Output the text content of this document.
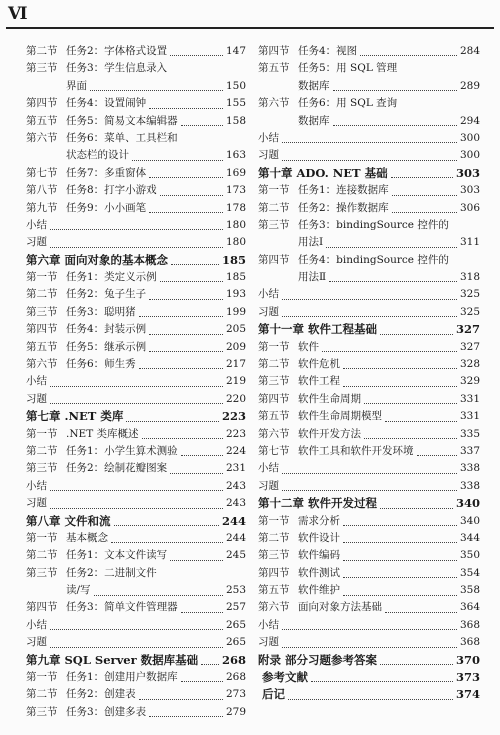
Ⅵ
第二节 任务2：字体格式设置	147
第三节 任务3：学生信息录入
界面	150
第四节 任务4：设置闹钟	155
第五节 任务5：简易文本编辑器	158
第六节 任务6：菜单、工具栏和
状态栏的设计	163
第七节 任务7：多重窗体	169
第八节 任务8：打字小游戏	173
第九节 任务9：小小画笔	178
小结	180
习题	180
第六章 面向对象的基本概念	185
第一节 任务1：类定义示例	185
第二节 任务2：兔子生子	193
第三节 任务3：聪明猪	199
第四节 任务4：封装示例	205
第五节 任务5：继承示例	209
第六节 任务6：师生秀	217
小结	219
习题	220
第七章 .NET 类库	223
第一节 .NET 类库概述	223
第二节 任务1：小学生算术测验	224
第三节 任务2：绘制花瓣图案	231
小结	243
习题	243
第八章 文件和流	244
第一节 基本概念	244
第二节 任务1：文本文件读写	245
第三节 任务2：二进制文件
读/写	253
第四节 任务3：简单文件管理器	257
小结	265
习题	265
第九章 SQL Server 数据库基础 268
第一节 任务1：创建用户数据库	268
第二节 任务2：创建表	273
第三节 任务3：创建多表	279
第四节 任务4：视图	284
第五节 任务5：用 SQL 管理
数据库	289
第六节 任务6：用 SQL 查询
数据库	294
小结	300
习题	300
第十章 ADO. NET 基础	303
第一节 任务1：连接数据库	303
第二节 任务2：操作数据库	306
第三节 任务3：bindingSource 控件的
用法Ⅰ	311
第四节 任务4：bindingSource 控件的
用法Ⅱ	318
小结	325
习题	325
第十一章 软件工程基础	327
第一节 软件	327
第二节 软件危机	328
第三节 软件工程	329
第四节 软件生命周期	331
第五节 软件生命周期模型	331
第六节 软件开发方法	335
第七节 软件工具和软件开发环境	337
小结	338
习题	338
第十二章 软件开发过程	340
第一节 需求分析	340
第二节 软件设计	344
第三节 软件编码	350
第四节 软件测试	354
第五节 软件维护	358
第六节 面向对象方法基础	364
小结	368
习题	368
附录 部分习题参考答案	370
参考文献	373
后记	374
